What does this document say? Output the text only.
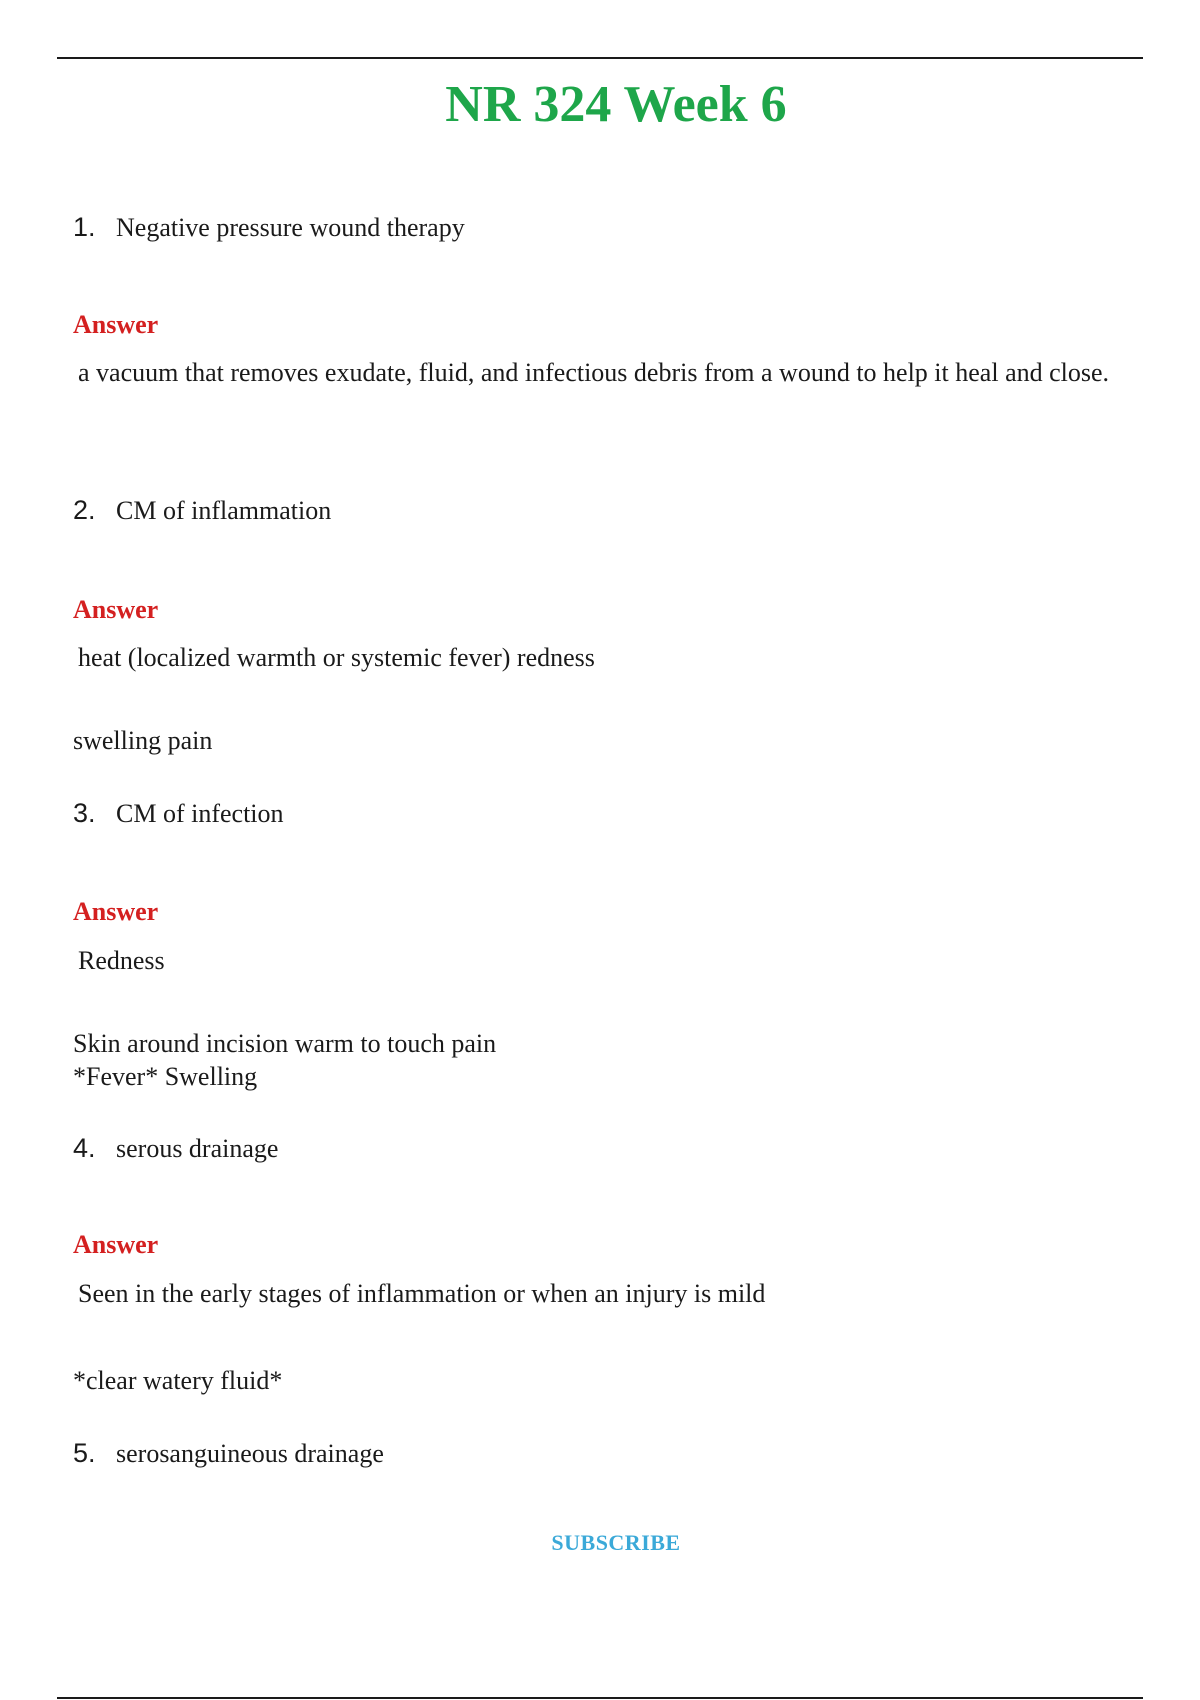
NR 324 Week 6
1. Negative pressure wound therapy
Answer
a vacuum that removes exudate, fluid, and infectious debris from a wound to help it heal and close.
2. CM of inflammation
Answer
heat (localized warmth or systemic fever) redness
swelling pain
3. CM of infection
Answer
Redness
Skin around incision warm to touch pain
*Fever* Swelling
4. serous drainage
Answer
Seen in the early stages of inflammation or when an injury is mild
*clear watery fluid*
5. serosanguineous drainage
SUBSCRIBE
